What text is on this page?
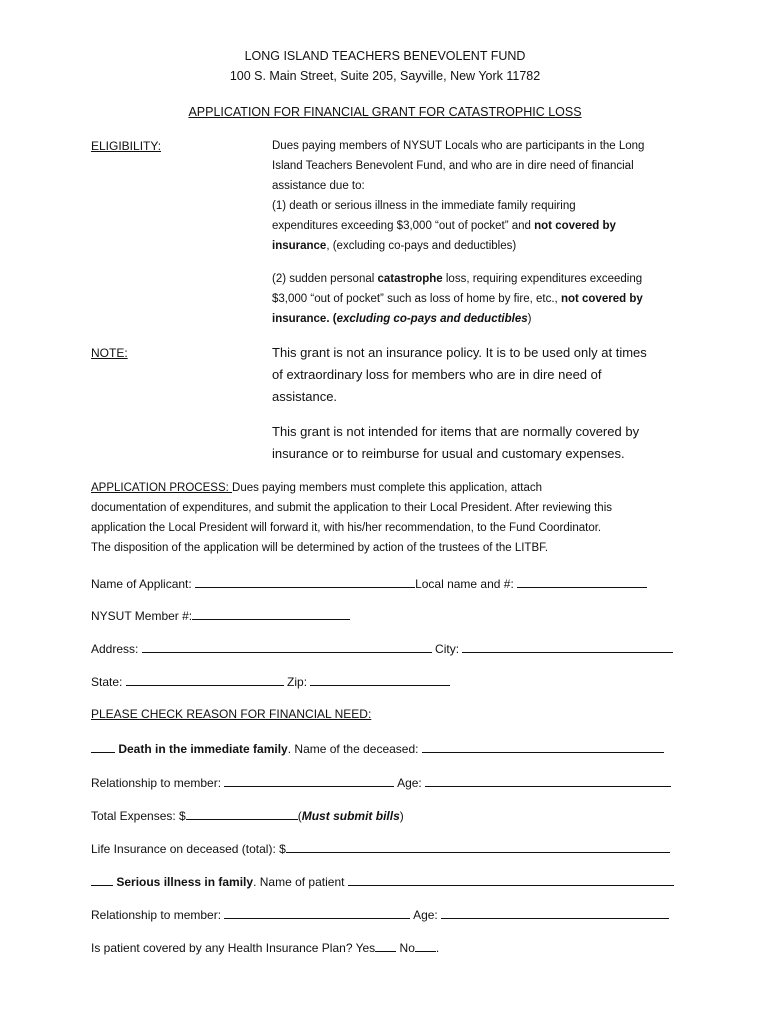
LONG ISLAND TEACHERS BENEVOLENT FUND
100 S. Main Street, Suite 205, Sayville, New York 11782
APPLICATION FOR FINANCIAL GRANT FOR CATASTROPHIC LOSS
ELIGIBILITY:	Dues paying members of NYSUT Locals who are participants in the Long
Island Teachers Benevolent Fund, and who are in dire need of financial
assistance due to:
(1) death or serious illness in the immediate family requiring
expenditures exceeding $3,000 “out of pocket” and not covered by
insurance, (excluding co-pays and deductibles)
(2) sudden personal catastrophe loss, requiring expenditures exceeding
$3,000 “out of pocket” such as loss of home by fire, etc., not covered by
insurance. (excluding co-pays and deductibles)
NOTE:	This grant is not an insurance policy. It is to be used only at times
of extraordinary loss for members who are in dire need of
assistance.
This grant is not intended for items that are normally covered by
insurance or to reimburse for usual and customary expenses.
APPLICATION PROCESS: Dues paying members must complete this application, attach
documentation of expenditures, and submit the application to their Local President. After reviewing this
application the Local President will forward it, with his/her recommendation, to the Fund Coordinator.
The disposition of the application will be determined by action of the trustees of the LITBF.
Name of Applicant:	Local name and #:
NYSUT Member #:
Address:	City:
State:	Zip:
PLEASE CHECK REASON FOR FINANCIAL NEED:
Death in the immediate family. Name of the deceased:
Relationship to member:	Age:
Total Expenses: $	(Must submit bills)
Life Insurance on deceased (total): $
Serious illness in family. Name of patient
Relationship to member:	Age:
Is patient covered by any Health Insurance Plan? Yes No .
